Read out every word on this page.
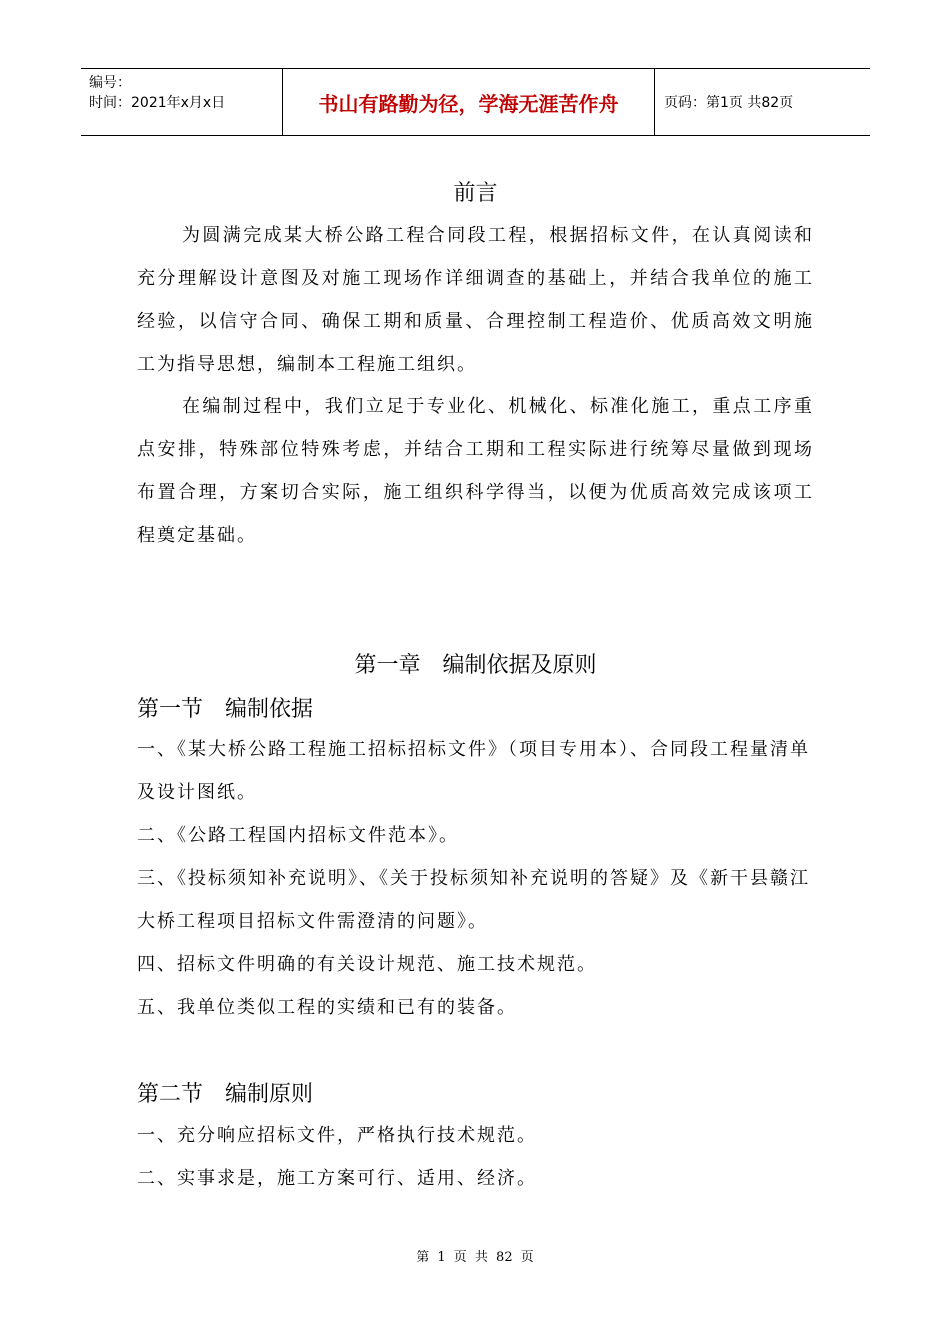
编号：
时间：2021年x月x日	书山有路勤为径，学海无涯苦作舟	页码：第1页 共82页
前言

为圆满完成某大桥公路工程合同段工程，根据招标文件，在认真阅读和充分理解设计意图及对施工现场作详细调查的基础上，并结合我单位的施工经验，以信守合同、确保工期和质量、合理控制工程造价、优质高效文明施工为指导思想，编制本工程施工组织。

在编制过程中，我们立足于专业化、机械化、标准化施工，重点工序重点安排，特殊部位特殊考虑，并结合工期和工程实际进行统筹尽量做到现场布置合理，方案切合实际，施工组织科学得当，以便为优质高效完成该项工程奠定基础。

第一章　编制依据及原则
第一节　编制依据
一、《某大桥公路工程施工招标招标文件》（项目专用本）、合同段工程量清单及设计图纸。
二、《公路工程国内招标文件范本》。
三、《投标须知补充说明》、《关于投标须知补充说明的答疑》及《新干县赣江大桥工程项目招标文件需澄清的问题》。
四、招标文件明确的有关设计规范、施工技术规范。
五、我单位类似工程的实绩和已有的装备。
第二节　编制原则
一、充分响应招标文件，严格执行技术规范。
二、实事求是，施工方案可行、适用、经济。
第 1 页 共 82 页
